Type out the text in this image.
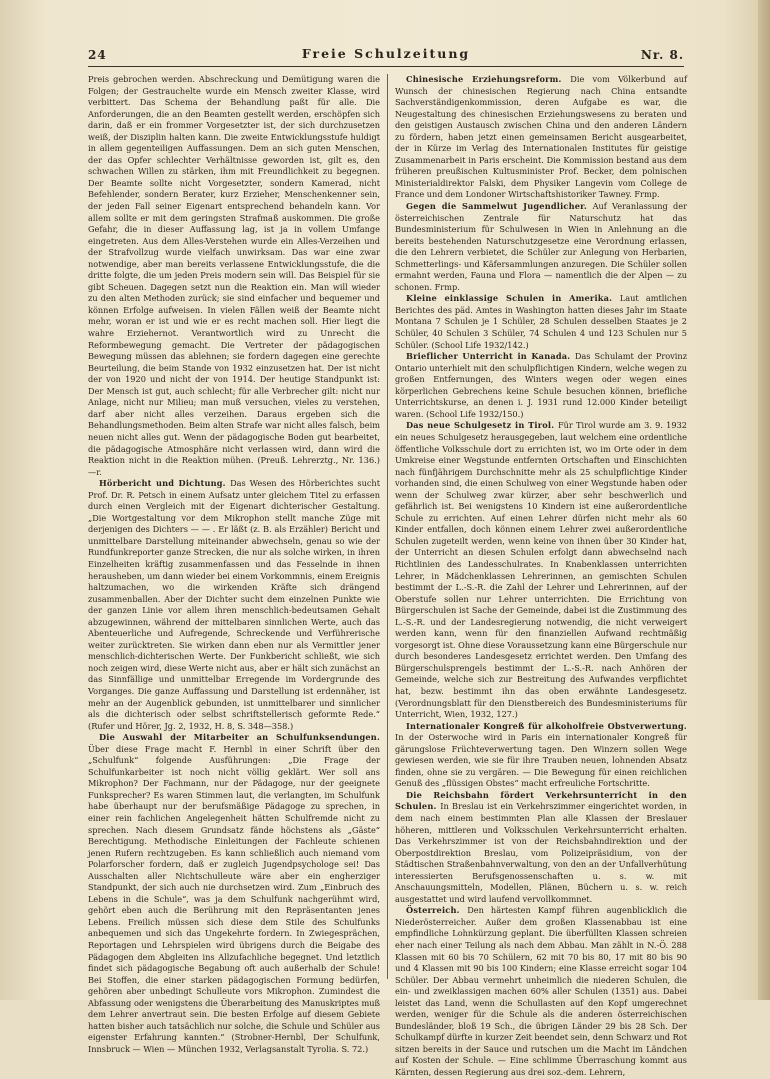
24	Freie Schulzeitung	Nr. 8.

Preis gebrochen werden. Abschreckung und Demütigung waren die Folgen; der Gestrauchelte wurde ein Mensch zweiter Klasse, wird verbittert. Das Schema der Behandlung paßt für alle. Die Anforderungen, die an den Beamten gestellt werden, erschöpfen sich darin, daß er ein frommer Vorgesetzter ist, der sich durchzusetzen weiß, der Disziplin halten kann. Die zweite Entwicklungsstufe huldigt in allem gegenteiligen Auffassungen. Dem an sich guten Menschen, der das Opfer schlechter Verhältnisse geworden ist, gilt es, den schwachen Willen zu stärken, ihm mit Freundlichkeit zu begegnen. Der Beamte sollte nicht Vorgesetzter, sondern Kamerad, nicht Befehlender, sondern Berater, kurz Erzieher, Menschenkenner sein, der jeden Fall seiner Eigenart entsprechend behandeln kann. Vor allem sollte er mit dem geringsten Strafmaß auskommen. Die große Gefahr, die in dieser Auffassung lag, ist ja in vollem Umfange eingetreten. Aus dem Alles-Verstehen wurde ein Alles-Verzeihen und der Strafvollzug wurde vielfach unwirksam. Das war eine zwar notwendige, aber man bereits verlassene Entwicklungsstufe, die die dritte folgte, die um jeden Preis modern sein will. Das Beispiel für sie gibt Scheuen. Dagegen setzt nun die Reaktion ein. Man will wieder zu den alten Methoden zurück; sie sind einfacher und bequemer und können Erfolge aufweisen. In vielen Fällen weiß der Beamte nicht mehr, woran er ist und wie er es recht machen soll. Hier liegt die wahre Erziehernot. Verantwortlich wird zu Unrecht die Reformbewegung gemacht. Die Vertreter der pädagogischen Bewegung müssen das ablehnen; sie fordern dagegen eine gerechte Beurteilung, die beim Stande von 1932 einzusetzen hat. Der ist nicht der von 1920 und nicht der von 1914. Der heutige Standpunkt ist: Der Mensch ist gut, auch schlecht; für alle Verbrecher gilt: nicht nur Anlage, nicht nur Milieu; man muß versuchen, vieles zu verstehen, darf aber nicht alles verzeihen. Daraus ergeben sich die Behandlungsmethoden. Beim alten Strafe war nicht alles falsch, beim neuen nicht alles gut. Wenn der pädagogische Boden gut bearbeitet, die pädagogische Atmosphäre nicht verlassen wird, dann wird die Reaktion nicht in die Reaktion mühen. (Preuß. Lehrerztg., Nr. 136.) —r.

Hörbericht und Dichtung. Das Wesen des Hörberichtes sucht Prof. Dr. R. Petsch in einem Aufsatz unter gleichem Titel zu erfassen durch einen Vergleich mit der Eigenart dichterischer Gestaltung. „Die Wortgestaltung vor dem Mikrophon stellt manche Züge mit derjenigen des Dichters — — . Er läßt (z. B. als Erzähler) Bericht und unmittelbare Darstellung miteinander abwechseln, genau so wie der Rundfunkreporter ganze Strecken, die nur als solche wirken, in ihren Einzelheiten kräftig zusammenfassen und das Fesselnde in ihnen herausheben, um dann wieder bei einem Vorkommnis, einem Ereignis haltzumachen, wo die wirkenden Kräfte sich drängend zusammenballen. Aber der Dichter sucht dem einzelnen Punkte wie der ganzen Linie vor allem ihren menschlich-bedeutsamen Gehalt abzugewinnen, während der mittelbaren sinnlichen Werte, auch das Abenteuerliche und Aufregende, Schreckende und Verführerische weiter zurücktreten. Sie wirken dann eben nur als Vermittler jener menschlich-dichterischen Werte. Der Funkbericht schließt, wie sich noch zeigen wird, diese Werte nicht aus, aber er hält sich zunächst an das Sinnfällige und unmittelbar Erregende im Vordergrunde des Vorganges. Die ganze Auffassung und Darstellung ist erdennäher, ist mehr an der Augenblick gebunden, ist unmittelbarer und sinnlicher als die dichterisch oder selbst schriftstellerisch geformte Rede.“ (Rufer und Hörer, Jg. 2, 1932, H. 8, S. 348—358.)

Die Auswahl der Mitarbeiter an Schulfunksendungen. Über diese Frage macht F. Hernbl in einer Schrift über den „Schulfunk“ folgende Ausführungen: „Die Frage der Schulfunkarbeiter ist noch nicht völlig geklärt. Wer soll ans Mikrophon? Der Fachmann, nur der Pädagoge, nur der geeignete Funksprecher? Es waren Stimmen laut, die verlangten, im Schulfunk habe überhaupt nur der berufsmäßige Pädagoge zu sprechen, in einer rein fachlichen Angelegenheit hätten Schulfremde nicht zu sprechen. Nach diesem Grundsatz fände höchstens als „Gäste“ Berechtigung. Methodische Einleitungen der Fachleute schienen jenen Rufern rechtzugeben. Es kann schließlich auch niemand vom Polarforscher fordern, daß er zugleich Jugendpsychologe sei! Das Ausschalten aller Nichtschulleute wäre aber ein engherziger Standpunkt, der sich auch nie durchsetzen wird. Zum „Einbruch des Lebens in die Schule“, was ja dem Schulfunk nachgerühmt wird, gehört eben auch die Berührung mit den Repräsentanten jenes Lebens. Freilich müssen sich diese dem Stile des Schulfunks anbequemen und sich das Ungekehrte fordern. In Zwiegesprächen, Reportagen und Lehrspielen wird übrigens durch die Beigabe des Pädagogen dem Abgleiten ins Allzufachliche begegnet. Und letztlich findet sich pädagogische Begabung oft auch außerhalb der Schule! Bei Stoffen, die einer starken pädagogischen Formung bedürfen, gehören aber unbedingt Schulleute vors Mikrophon. Zumindest die Abfassung oder wenigstens die Überarbeitung des Manuskriptes muß dem Lehrer anvertraut sein. Die besten Erfolge auf diesem Gebiete hatten bisher auch tatsächlich nur solche, die Schule und Schüler aus eigenster Erfahrung kannten.“ (Strobner-Hernbl, Der Schulfunk, Innsbruck — Wien — München 1932, Verlagsanstalt Tyrolia. S. 72.)

Chinesische Erziehungsreform. Die vom Völkerbund auf Wunsch der chinesischen Regierung nach China entsandte Sachverständigenkommission, deren Aufgabe es war, die Neugestaltung des chinesischen Erziehungswesens zu beraten und den geistigen Austausch zwischen China und den anderen Ländern zu fördern, haben jetzt einen gemeinsamen Bericht ausgearbeitet, der in Kürze im Verlag des Internationalen Institutes für geistige Zusammenarbeit in Paris erscheint. Die Kommission bestand aus dem früheren preußischen Kultusminister Prof. Becker, dem polnischen Ministerialdirektor Falski, dem Physiker Langevin vom College de France und dem Londoner Wirtschaftshistoriker Tawney. Frmp.

Gegen die Sammelwut Jugendlicher. Auf Veranlassung der österreichischen Zentrale für Naturschutz hat das Bundesministerium für Schulwesen in Wien in Anlehnung an die bereits bestehenden Naturschutzgesetze eine Verordnung erlassen, die den Lehrern verbietet, die Schüler zur Anlegung von Herbarien, Schmetterlings- und Käfersammlungen anzuregen. Die Schüler sollen ermahnt werden, Fauna und Flora — namentlich die der Alpen — zu schonen. Frmp.

Kleine einklassige Schulen in Amerika. Laut amtlichen Berichtes des päd. Amtes in Washington hatten dieses Jahr im Staate Montana 7 Schulen je 1 Schüler, 28 Schulen desselben Staates je 2 Schüler, 40 Schulen 3 Schüler, 74 Schulen 4 und 123 Schulen nur 5 Schüler. (School Life 1932/142.)

Brieflicher Unterricht in Kanada. Das Schulamt der Provinz Ontario unterhielt mit den schulpflichtigen Kindern, welche wegen zu großen Entfernungen, des Winters wegen oder wegen eines körperlichen Gebrechens keine Schule besuchen können, briefliche Unterrichtskurse, an denen i. J. 1931 rund 12.000 Kinder beteiligt waren. (School Life 1932/150.)

Das neue Schulgesetz in Tirol. Für Tirol wurde am 3. 9. 1932 ein neues Schulgesetz herausgegeben, laut welchem eine ordentliche öffentliche Volksschule dort zu errichten ist, wo im Orte oder in dem Umkreise einer Wegstunde entfernten Ortschaften und Einschichten nach fünfjährigem Durchschnitte mehr als 25 schulpflichtige Kinder vorhanden sind, die einen Schulweg von einer Wegstunde haben oder wenn der Schulweg zwar kürzer, aber sehr beschwerlich und gefährlich ist. Bei wenigstens 10 Kindern ist eine außerordentliche Schule zu errichten. Auf einen Lehrer dürfen nicht mehr als 60 Kinder entfallen, doch können einem Lehrer zwei außerordentliche Schulen zugeteilt werden, wenn keine von ihnen über 30 Kinder hat, der Unterricht an diesen Schulen erfolgt dann abwechselnd nach Richtlinien des Landesschulrates. In Knabenklassen unterrichten Lehrer, in Mädchenklassen Lehrerinnen, an gemischten Schulen bestimmt der L.-S.-R. die Zahl der Lehrer und Lehrerinnen, auf der Oberstufe sollen nur Lehrer unterrichten. Die Errichtung von Bürgerschulen ist Sache der Gemeinde, dabei ist die Zustimmung des L.-S.-R. und der Landesregierung notwendig, die nicht verweigert werden kann, wenn für den finanziellen Aufwand rechtmäßig vorgesorgt ist. Ohne diese Voraussetzung kann eine Bürgerschule nur durch besonderes Landesgesetz errichtet werden. Den Umfang des Bürgerschulsprengels bestimmt der L.-S.-R. nach Anhören der Gemeinde, welche sich zur Bestreitung des Aufwandes verpflichtet hat, bezw. bestimmt ihn das oben erwähnte Landesgesetz. (Verordnungsblatt für den Dienstbereich des Bundesministeriums für Unterricht, Wien, 1932, 127.)

Internationaler Kongreß für alkoholfreie Obstverwertung. In der Osterwoche wird in Paris ein internationaler Kongreß für gärungslose Früchteverwertung tagen. Den Winzern sollen Wege gewiesen werden, wie sie für ihre Trauben neuen, lohnenden Absatz finden, ohne sie zu vergären. — Die Bewegung für einen reichlichen Genuß des „flüssigen Obstes“ macht erfreuliche Fortschritte.

Die Reichsbahn fördert Verkehrsunterricht in den Schulen. In Breslau ist ein Verkehrszimmer eingerichtet worden, in dem nach einem bestimmten Plan alle Klassen der Breslauer höheren, mittleren und Volksschulen Verkehrsunterricht erhalten. Das Verkehrszimmer ist von der Reichsbahndirektion und der Oberpostdirektion Breslau, vom Polizeipräsidium, von der Städtischen Straßenbahnverwaltung, von den an der Unfallverhütung interessierten Berufsgenossenschaften u. s. w. mit Anschauungsmitteln, Modellen, Plänen, Büchern u. s. w. reich ausgestattet und wird laufend vervollkommnet.

Österreich. Den härtesten Kampf führen augenblicklich die Niederösterreicher. Außer dem großen Klassenabbau ist eine empfindliche Lohnkürzung geplant. Die überfüllten Klassen schreien eher nach einer Teilung als nach dem Abbau. Man zählt in N.-Ö. 288 Klassen mit 60 bis 70 Schülern, 62 mit 70 bis 80, 17 mit 80 bis 90 und 4 Klassen mit 90 bis 100 Kindern; eine Klasse erreicht sogar 104 Schüler. Der Abbau vermehrt unheimlich die niederen Schulen, die ein- und zweiklassigen machen 60% aller Schulen (1351) aus. Dabei leistet das Land, wenn die Schullasten auf den Kopf umgerechnet werden, weniger für die Schule als die anderen österreichischen Bundesländer, bloß 19 Sch., die übrigen Länder 29 bis 28 Sch. Der Schulkampf dürfte in kurzer Zeit beendet sein, denn Schwarz und Rot sitzen bereits in der Sauce und rutschen um die Macht im Ländchen auf Kosten der Schule. — Eine schlimme Überraschung kommt aus Kärnten, dessen Regierung aus drei soz.-dem. Lehrern,
